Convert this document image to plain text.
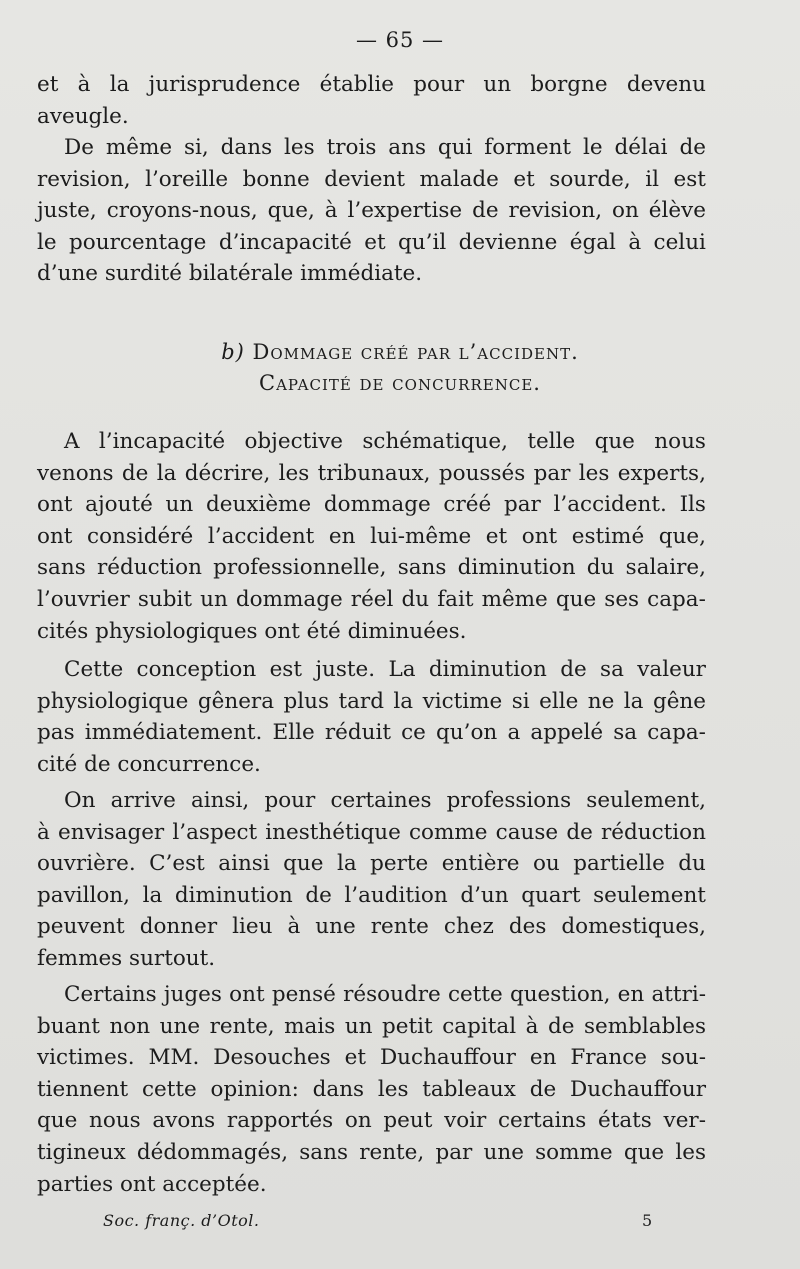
— 65 —
et à la jurisprudence établie pour un borgne devenu
aveugle.
De même si, dans les trois ans qui forment le délai de
revision, l’oreille bonne devient malade et sourde, il est
juste, croyons-nous, que, à l’expertise de revision, on élève
le pourcentage d’incapacité et qu’il devienne égal à celui
d’une surdité bilatérale immédiate.
b) Dommage créé par l’accident.
Capacité de concurrence.
A l’incapacité objective schématique, telle que nous
venons de la décrire, les tribunaux, poussés par les experts,
ont ajouté un deuxième dommage créé par l’accident. Ils
ont considéré l’accident en lui-même et ont estimé que,
sans réduction professionnelle, sans diminution du salaire,
l’ouvrier subit un dommage réel du fait même que ses capa-
cités physiologiques ont été diminuées.
Cette conception est juste. La diminution de sa valeur
physiologique gênera plus tard la victime si elle ne la gêne
pas immédiatement. Elle réduit ce qu’on a appelé sa capa-
cité de concurrence.
On arrive ainsi, pour certaines professions seulement,
à envisager l’aspect inesthétique comme cause de réduction
ouvrière. C’est ainsi que la perte entière ou partielle du
pavillon, la diminution de l’audition d’un quart seulement
peuvent donner lieu à une rente chez des domestiques,
femmes surtout.
Certains juges ont pensé résoudre cette question, en attri-
buant non une rente, mais un petit capital à de semblables
victimes. MM. Desouches et Duchauffour en France sou-
tiennent cette opinion: dans les tableaux de Duchauffour
que nous avons rapportés on peut voir certains états ver-
tigineux dédommagés, sans rente, par une somme que les
parties ont acceptée.
Soc. franç. d’Otol.	5
